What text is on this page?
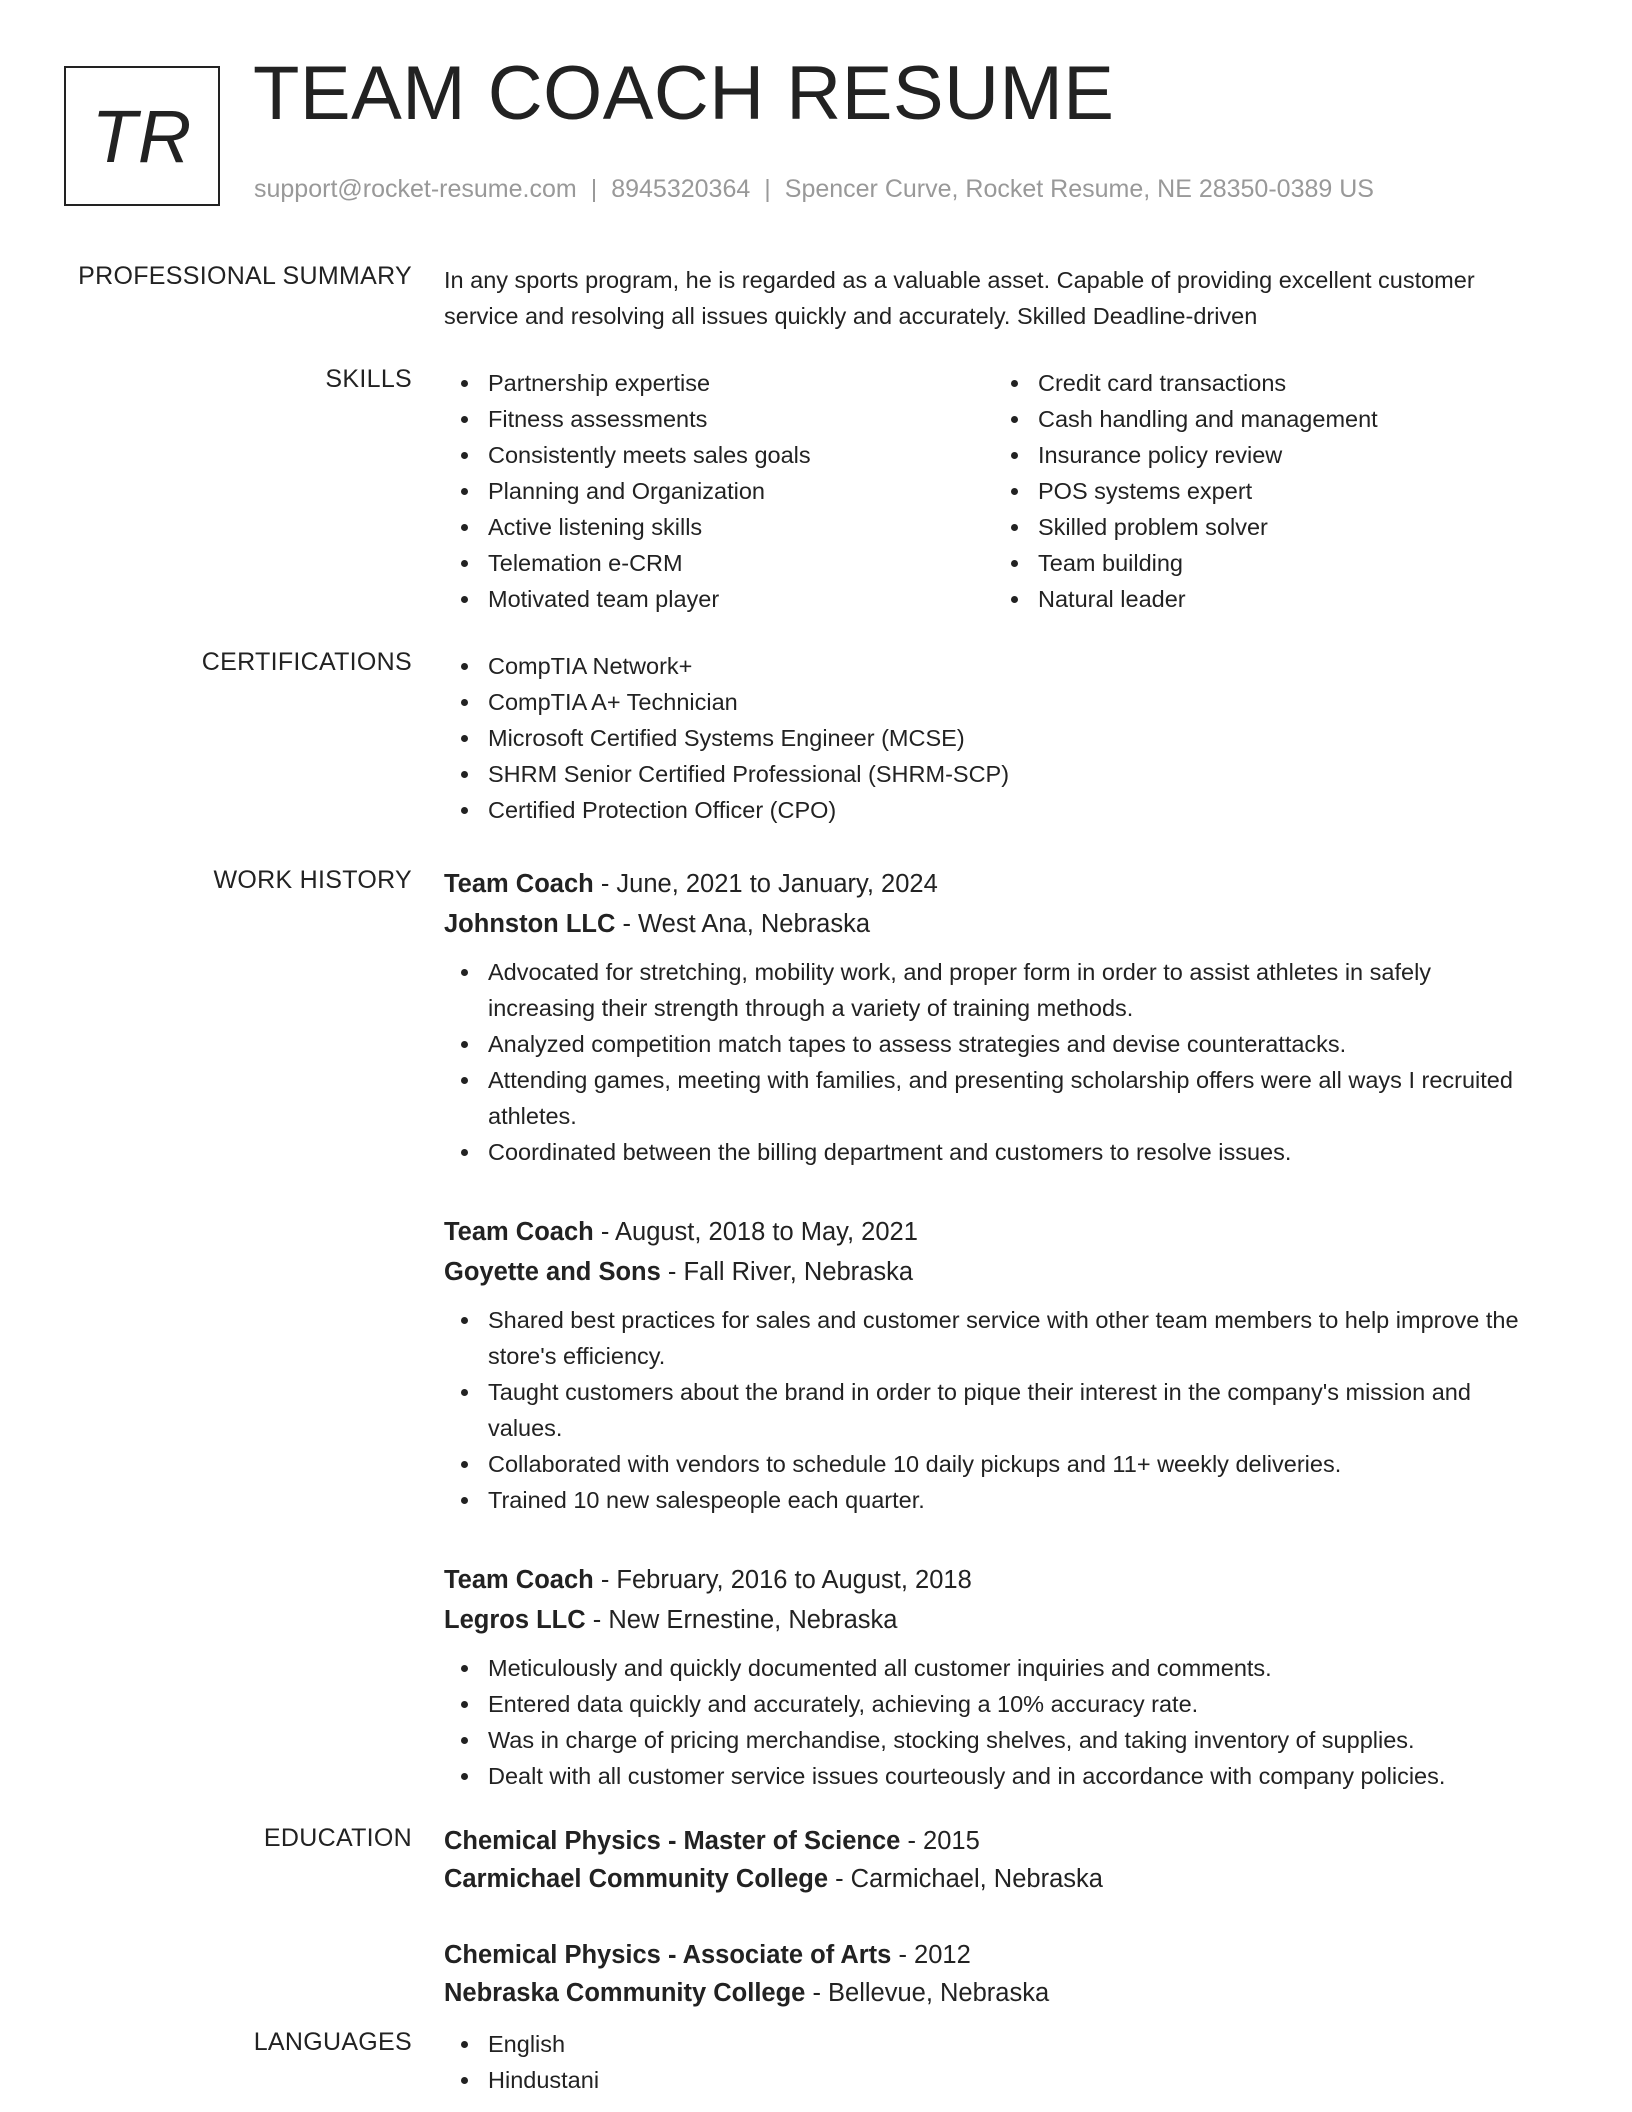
TR TEAM COACH RESUME
support@rocket-resume.com | 8945320364 | Spencer Curve, Rocket Resume, NE 28350-0389 US
PROFESSIONAL SUMMARY In any sports program, he is regarded as a valuable asset. Capable of providing excellent customer service and resolving all issues quickly and accurately. Skilled Deadline-driven
SKILLS	Partnership expertise
Fitness assessments
Consistently meets sales goals
Planning and Organization
Active listening skills
Telemation e-CRM
Motivated team player
Credit card transactions
Cash handling and management
Insurance policy review
POS systems expert
Skilled problem solver
Team building
Natural leader
CERTIFICATIONS	CompTIA Network+
CompTIA A+ Technician
Microsoft Certified Systems Engineer (MCSE)
SHRM Senior Certified Professional (SHRM-SCP)
Certified Protection Officer (CPO)
WORK HISTORY Team Coach - June, 2021 to January, 2024
Johnston LLC - West Ana, Nebraska
Advocated for stretching, mobility work, and proper form in order to assist athletes in safely increasing their strength through a variety of training methods.
Analyzed competition match tapes to assess strategies and devise counterattacks.
Attending games, meeting with families, and presenting scholarship offers were all ways I recruited athletes.
Coordinated between the billing department and customers to resolve issues.
Team Coach - August, 2018 to May, 2021
Goyette and Sons - Fall River, Nebraska
Shared best practices for sales and customer service with other team members to help improve the store's efficiency.
Taught customers about the brand in order to pique their interest in the company's mission and values.
Collaborated with vendors to schedule 10 daily pickups and 11+ weekly deliveries.
Trained 10 new salespeople each quarter.
Team Coach - February, 2016 to August, 2018
Legros LLC - New Ernestine, Nebraska
Meticulously and quickly documented all customer inquiries and comments.
Entered data quickly and accurately, achieving a 10% accuracy rate.
Was in charge of pricing merchandise, stocking shelves, and taking inventory of supplies.
Dealt with all customer service issues courteously and in accordance with company policies.
EDUCATION Chemical Physics - Master of Science - 2015
Carmichael Community College - Carmichael, Nebraska
Chemical Physics - Associate of Arts - 2012
Nebraska Community College - Bellevue, Nebraska
LANGUAGES	English
Hindustani
